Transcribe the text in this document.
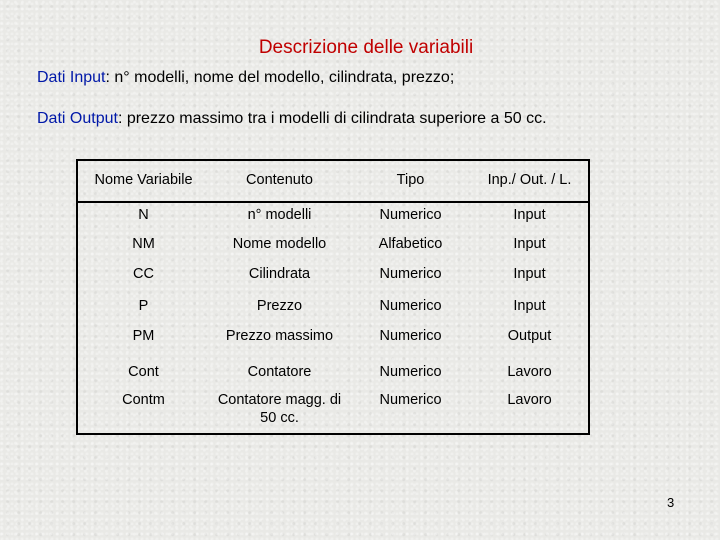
Descrizione delle variabili
Dati Input: n° modelli, nome del modello, cilindrata, prezzo;
Dati Output: prezzo massimo tra i modelli di cilindrata superiore a 50 cc.
Nome Variabile	Contenuto	Tipo	Inp./ Out. / L.
N	n° modelli	Numerico	Input
NM	Nome modello	Alfabetico	Input
CC	Cilindrata	Numerico	Input
P	Prezzo	Numerico	Input
PM	Prezzo massimo	Numerico	Output
Cont	Contatore	Numerico	Lavoro
Contm	Contatore magg. di 50 cc.	Numerico	Lavoro
3
